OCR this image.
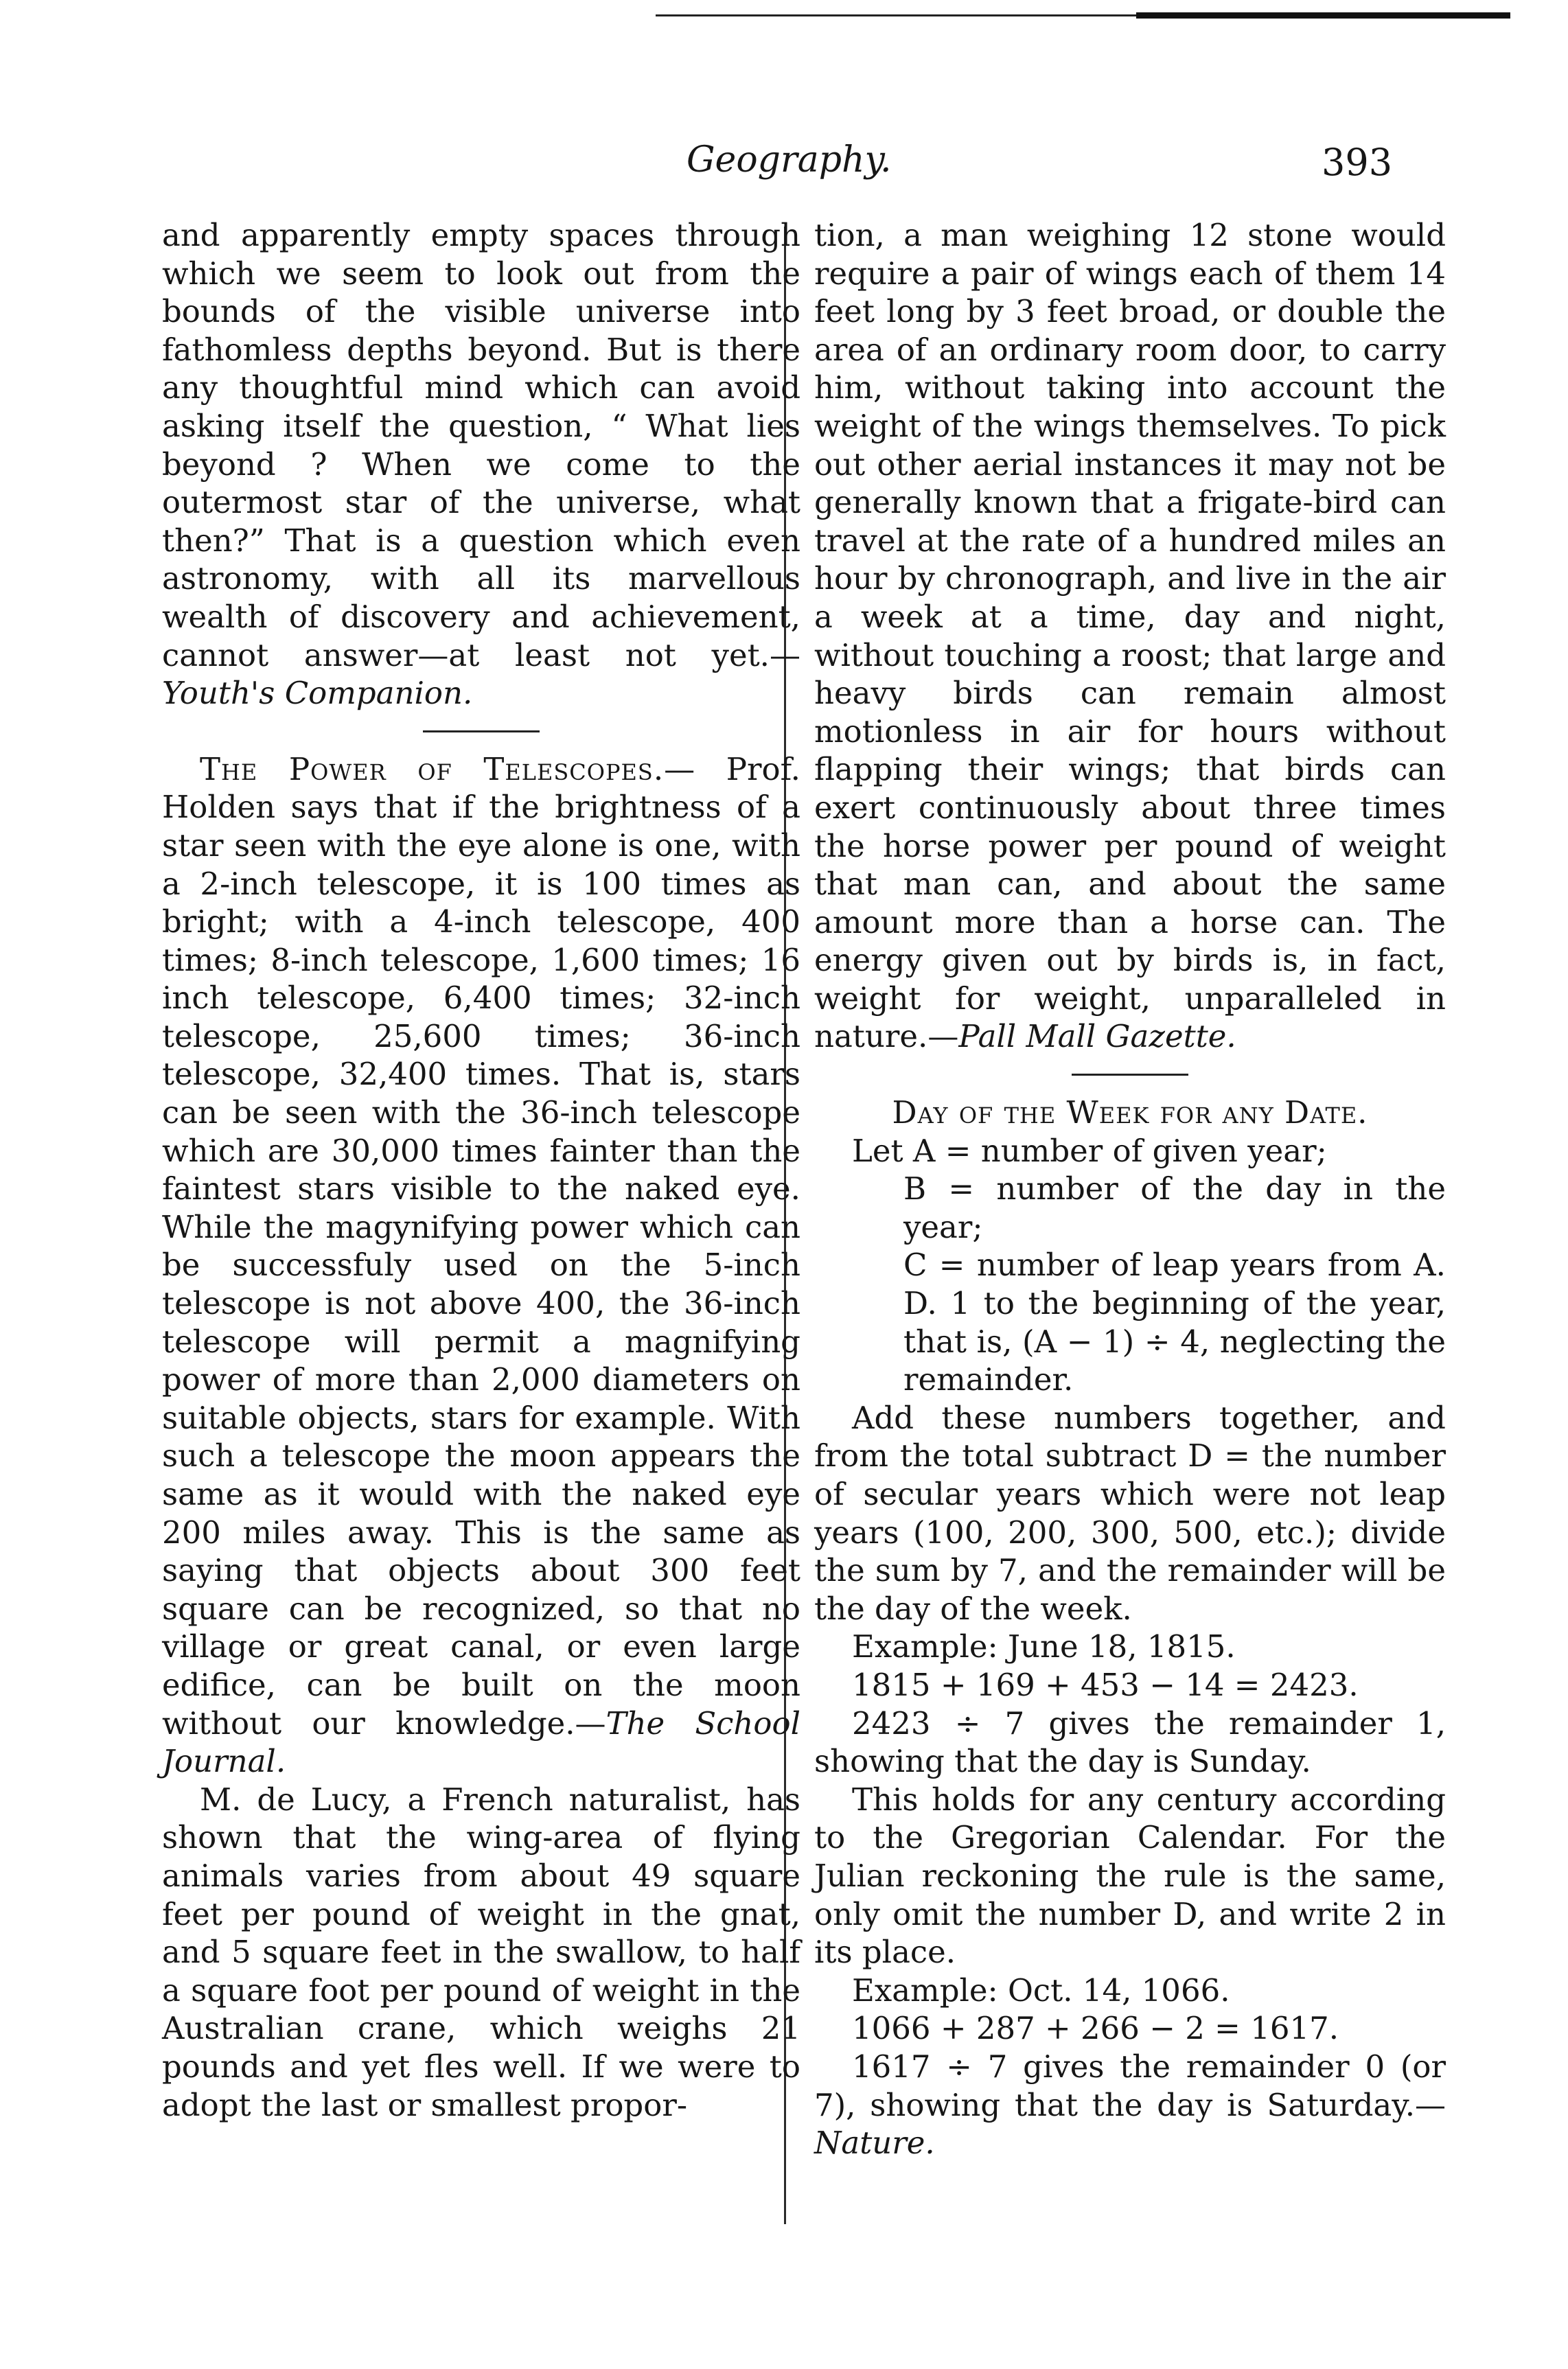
Geography.	393

and apparently empty spaces through which we seem to look out from the bounds of the visible universe into fathomless depths beyond. But is there any thoughtful mind which can avoid asking itself the question, “ What lies beyond ? When we come to the outermost star of the universe, what then?” That is a question which even astronomy, with all its marvellous wealth of discovery and achievement, cannot answer—at least not yet.— Youth's Companion.

The Power of Telescopes.— Prof. Holden says that if the brightness of a star seen with the eye alone is one, with a 2-inch telescope, it is 100 times as bright; with a 4-inch telescope, 400 times; 8-inch telescope, 1,600 times; 16 inch telescope, 6,400 times; 32-inch telescope, 25,600 times; 36-inch telescope, 32,400 times. That is, stars can be seen with the 36-inch telescope which are 30,000 times fainter than the faintest stars visible to the naked eye. While the magynifying power which can be successfuly used on the 5-inch telescope is not above 400, the 36-inch telescope will permit a magnifying power of more than 2,000 diameters on suitable objects, stars for example. With such a telescope the moon appears the same as it would with the naked eye 200 miles away. This is the same as saying that objects about 300 feet square can be recognized, so that no village or great canal, or even large edifice, can be built on the moon without our knowledge.—The School Journal.

M. de Lucy, a French naturalist, has shown that the wing-area of flying animals varies from about 49 square feet per pound of weight in the gnat, and 5 square feet in the swallow, to half a square foot per pound of weight in the Australian crane, which weighs 21 pounds and yet fles well. If we were to adopt the last or smallest propor-

tion, a man weighing 12 stone would require a pair of wings each of them 14 feet long by 3 feet broad, or double the area of an ordinary room door, to carry him, without taking into account the weight of the wings themselves. To pick out other aerial instances it may not be generally known that a frigate-bird can travel at the rate of a hundred miles an hour by chronograph, and live in the air a week at a time, day and night, without touching a roost; that large and heavy birds can remain almost motionless in air for hours without flapping their wings; that birds can exert continuously about three times the horse power per pound of weight that man can, and about the same amount more than a horse can. The energy given out by birds is, in fact, weight for weight, unparalleled in nature.—Pall Mall Gazette.

Day of the Week for any Date.

Let A = number of given year;

B = number of the day in the year;

C = number of leap years from A. D. 1 to the beginning of the year, that is, (A − 1) ÷ 4, neglecting the remainder.

Add these numbers together, and from the total subtract D = the number of secular years which were not leap years (100, 200, 300, 500, etc.); divide the sum by 7, and the remainder will be the day of the week.

Example: June 18, 1815.

1815 + 169 + 453 − 14 = 2423.

2423 ÷ 7 gives the remainder 1, showing that the day is Sunday.

This holds for any century according to the Gregorian Calendar. For the Julian reckoning the rule is the same, only omit the number D, and write 2 in its place.

Example: Oct. 14, 1066.

1066 + 287 + 266 − 2 = 1617.

1617 ÷ 7 gives the remainder 0 (or 7), showing that the day is Saturday.— Nature.
